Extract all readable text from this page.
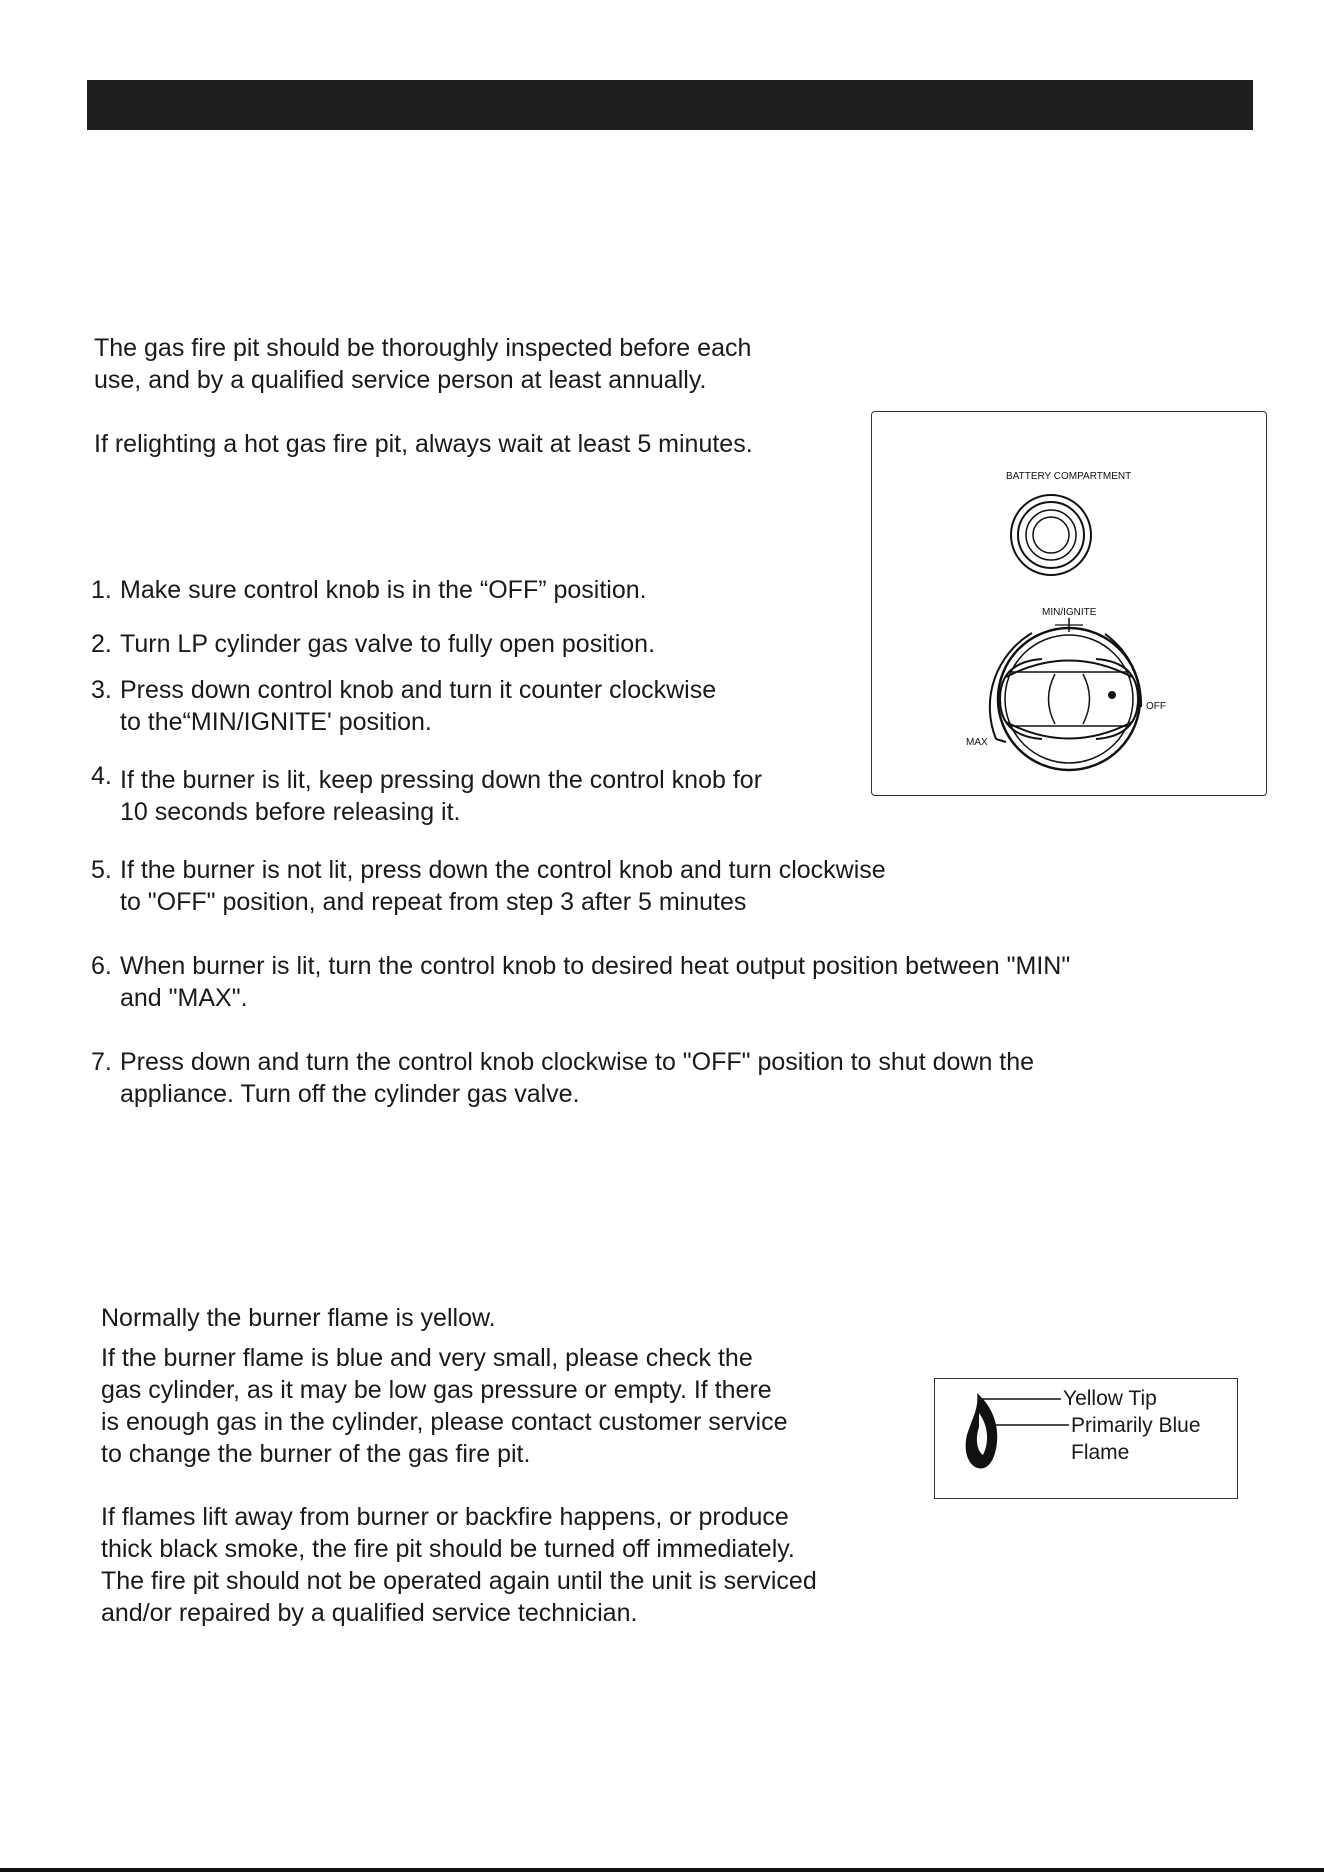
The gas fire pit should be thoroughly inspected before each

use, and by a qualified service person at least annually.

If relighting a hot gas fire pit, always wait at least 5 minutes.

1. Make sure control knob is in the “OFF” position.
2. Turn LP cylinder gas valve to fully open position.
3. Press down control knob and turn it counter clockwise
to the“MIN/IGNITE' position.
4. If the burner is lit, keep pressing down the control knob for
10 seconds before releasing it.
5. If the burner is not lit, press down the control knob and turn clockwise
to "OFF" position, and repeat from step 3 after 5 minutes
6. When burner is lit, turn the control knob to desired heat output position between "MIN"
and "MAX".
7. Press down and turn the control knob clockwise to "OFF" position to shut down the
appliance. Turn off the cylinder gas valve.
BATTERY COMPARTMENT
MIN/IGNITE
OFF
MAX

Normally the burner flame is yellow.

If the burner flame is blue and very small, please check the

gas cylinder, as it may be low gas pressure or empty. If there

is enough gas in the cylinder, please contact customer service

to change the burner of the gas fire pit.

If flames lift away from burner or backfire happens, or produce

thick black smoke, the fire pit should be turned off immediately.

The fire pit should not be operated again until the unit is serviced

and/or repaired by a qualified service technician.

Yellow Tip
Primarily Blue
Flame
